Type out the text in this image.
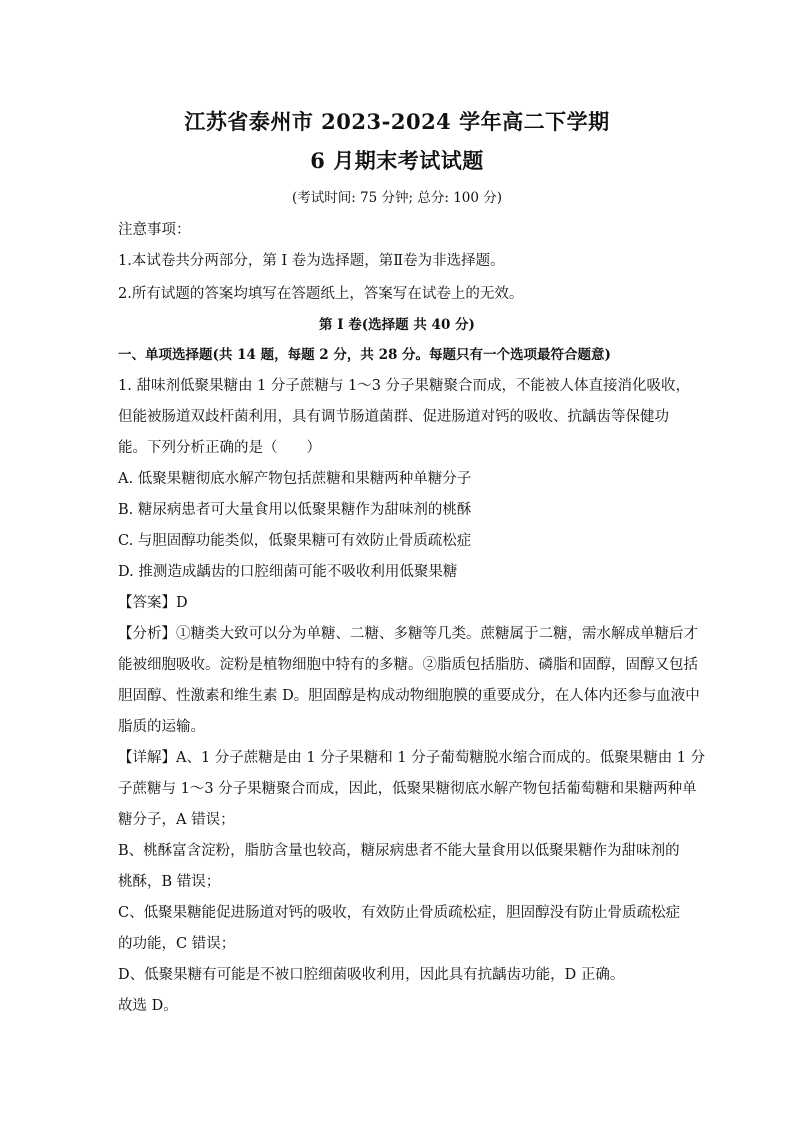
江苏省泰州市 2023-2024 学年高二下学期
6 月期末考试试题
(考试时间: 75 分钟; 总分: 100 分)
注意事项：
1.本试卷共分两部分，第 I 卷为选择题，第Ⅱ卷为非选择题。
2.所有试题的答案均填写在答题纸上，答案写在试卷上的无效。
第 I 卷(选择题 共 40 分)
一、单项选择题(共 14 题，每题 2 分，共 28 分。每题只有一个选项最符合题意)
1. 甜味剂低聚果糖由 1 分子蔗糖与 1～3 分子果糖聚合而成，不能被人体直接消化吸收，
但能被肠道双歧杆菌利用，具有调节肠道菌群、促进肠道对钙的吸收、抗龋齿等保健功
能。下列分析正确的是（　　）
A. 低聚果糖彻底水解产物包括蔗糖和果糖两种单糖分子
B. 糖尿病患者可大量食用以低聚果糖作为甜味剂的桃酥
C. 与胆固醇功能类似，低聚果糖可有效防止骨质疏松症
D. 推测造成龋齿的口腔细菌可能不吸收利用低聚果糖
【答案】D
【分析】①糖类大致可以分为单糖、二糖、多糖等几类。蔗糖属于二糖，需水解成单糖后才
能被细胞吸收。淀粉是植物细胞中特有的多糖。②脂质包括脂肪、磷脂和固醇，固醇又包括
胆固醇、性激素和维生素 D。胆固醇是构成动物细胞膜的重要成分，在人体内还参与血液中
脂质的运输。
【详解】A、1 分子蔗糖是由 1 分子果糖和 1 分子葡萄糖脱水缩合而成的。低聚果糖由 1 分
子蔗糖与 1～3 分子果糖聚合而成，因此，低聚果糖彻底水解产物包括葡萄糖和果糖两种单
糖分子，A 错误；
B、桃酥富含淀粉，脂肪含量也较高，糖尿病患者不能大量食用以低聚果糖作为甜味剂的
桃酥，B 错误；
C、低聚果糖能促进肠道对钙的吸收，有效防止骨质疏松症，胆固醇没有防止骨质疏松症
的功能，C 错误；
D、低聚果糖有可能是不被口腔细菌吸收利用，因此具有抗龋齿功能，D 正确。
故选 D。
